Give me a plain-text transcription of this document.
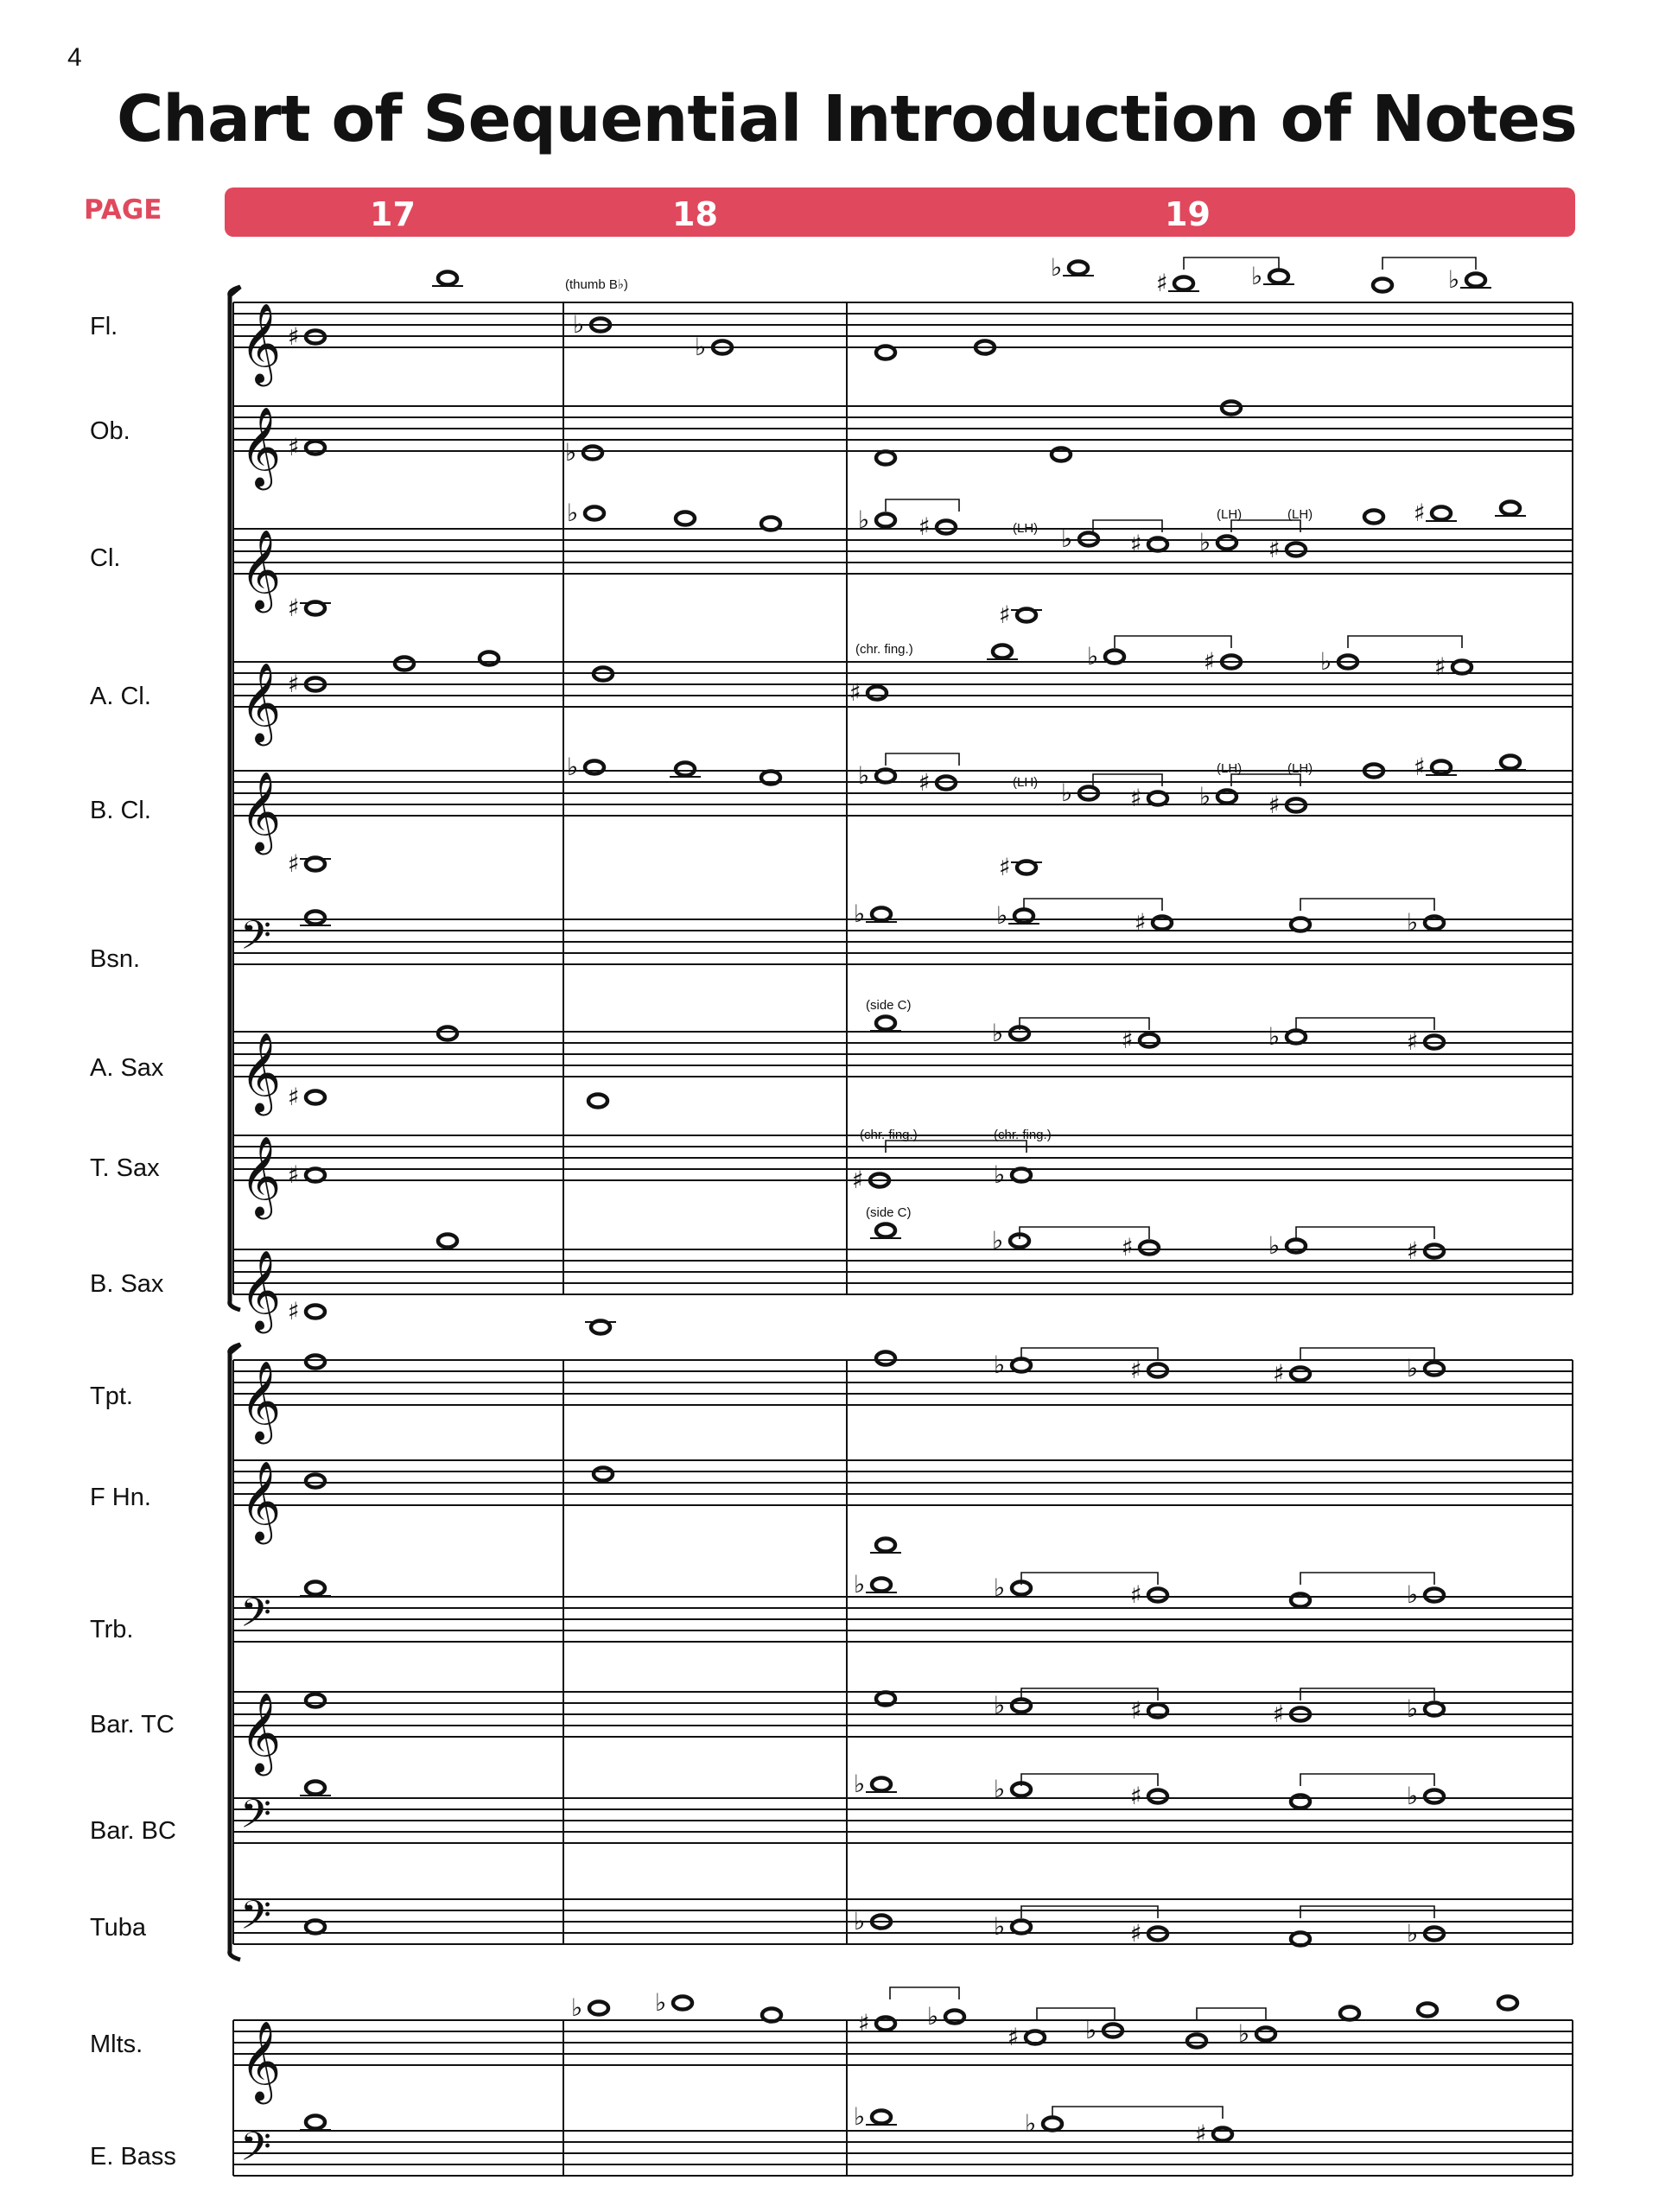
4
Chart of Sequential Introduction of Notes
PAGE	17	18	19
Fl.
Ob.
Cl.
A. Cl.
B. Cl.
Bsn.
A. Sax
T. Sax
B. Sax
Tpt.
F Hn.
Trb.
Bar. TC
Bar. BC
Tuba
Mlts.
E. Bass
𝄞
𝄞
𝄞
𝄞
𝄞
𝄢
𝄞
𝄞
𝄞
𝄞
𝄞
𝄢
𝄞
𝄢
𝄢
𝄞
𝄢
♯	♭
♭
♭
♯	♭	♭
(thumb B♭)
♯	♭
♯
♭	♭ ♯	♭ ♯ ♭ ♯
♯
♯
(LH)
(LH)	(LH)
♯	♯
♭	♯	♭	♯
(chr. fing.)
♭	♭ ♯	♭ ♯ ♭ ♯
♯
♯	♯
(LH)
(LH)	(LH)
♭	♭	♯	♭
♯
♭	♯	♭	♯
(side C)
♯	♯	♭
(chr. fing.)	(chr. fing.)
♯
♭	♯	♭	♯
(side C)
♭	♯	♯	♭
♭	♭	♯	♭
♭	♯	♯	♭
♭	♭	♯	♭
♭	♭	♯	♭
♭	♭
♯ ♭
♯	♭	♭
♭	♭	♯
